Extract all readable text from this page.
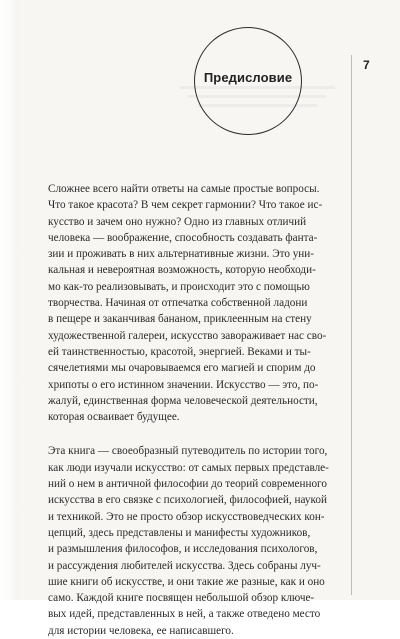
Предисловие
7

Сложнее всего найти ответы на самые простые вопросы.
Что такое красота? В чем секрет гармонии? Что такое ис-
кусство и зачем оно нужно? Одно из главных отличий
человека — воображение, способность создавать фанта-
зии и проживать в них альтернативные жизни. Это уни-
кальная и невероятная возможность, которую необходи-
мо как-то реализовывать, и происходит это с помощью
творчества. Начиная от отпечатка собственной ладони
в пещере и заканчивая бананом, приклеенным на стену
художественной галереи, искусство завораживает нас сво-
ей таинственностью, красотой, энергией. Веками и ты-
сячелетиями мы очаровываемся его магией и спорим до
хрипоты о его истинном значении. Искусство — это, по-
жалуй, единственная форма человеческой деятельности,
которая осваивает будущее.

Эта книга — своеобразный путеводитель по истории того,
как люди изучали искусство: от самых первых представле-
ний о нем в античной философии до теорий современного
искусства в его связке с психологией, философией, наукой
и техникой. Это не просто обзор искусствоведческих кон-
цепций, здесь представлены и манифесты художников,
и размышления философов, и исследования психологов,
и рассуждения любителей искусства. Здесь собраны луч-
шие книги об искусстве, и они такие же разные, как и оно
само. Каждой книге посвящен небольшой обзор ключе-
вых идей, представленных в ней, а также отведено место
для истории человека, ее написавшего.
